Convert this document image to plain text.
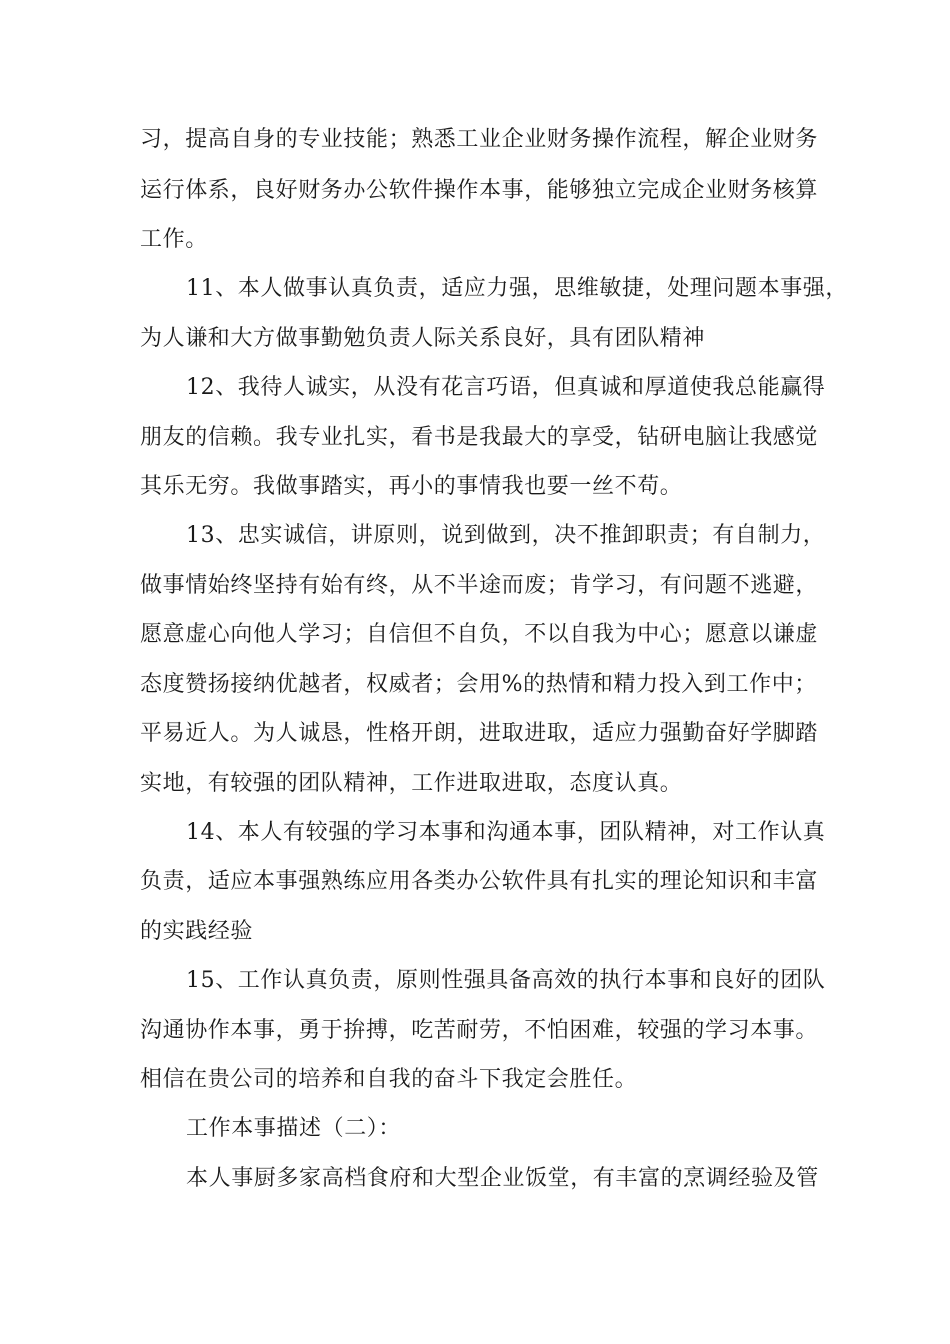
习，提高自身的专业技能；熟悉工业企业财务操作流程，解企业财务
运行体系，良好财务办公软件操作本事，能够独立完成企业财务核算
工作。
11、本人做事认真负责，适应力强，思维敏捷，处理问题本事强，
为人谦和大方做事勤勉负责人际关系良好，具有团队精神
12、我待人诚实，从没有花言巧语，但真诚和厚道使我总能赢得
朋友的信赖。我专业扎实，看书是我最大的享受，钻研电脑让我感觉
其乐无穷。我做事踏实，再小的事情我也要一丝不苟。
13、忠实诚信，讲原则，说到做到，决不推卸职责；有自制力，
做事情始终坚持有始有终，从不半途而废；肯学习，有问题不逃避，
愿意虚心向他人学习；自信但不自负，不以自我为中心；愿意以谦虚
态度赞扬接纳优越者，权威者；会用%的热情和精力投入到工作中；
平易近人。为人诚恳，性格开朗，进取进取，适应力强勤奋好学脚踏
实地，有较强的团队精神，工作进取进取，态度认真。
14、本人有较强的学习本事和沟通本事，团队精神，对工作认真
负责，适应本事强熟练应用各类办公软件具有扎实的理论知识和丰富
的实践经验
15、工作认真负责，原则性强具备高效的执行本事和良好的团队
沟通协作本事，勇于拚搏，吃苦耐劳，不怕困难，较强的学习本事。
相信在贵公司的培养和自我的奋斗下我定会胜任。
工作本事描述（二）：
本人事厨多家高档食府和大型企业饭堂，有丰富的烹调经验及管
